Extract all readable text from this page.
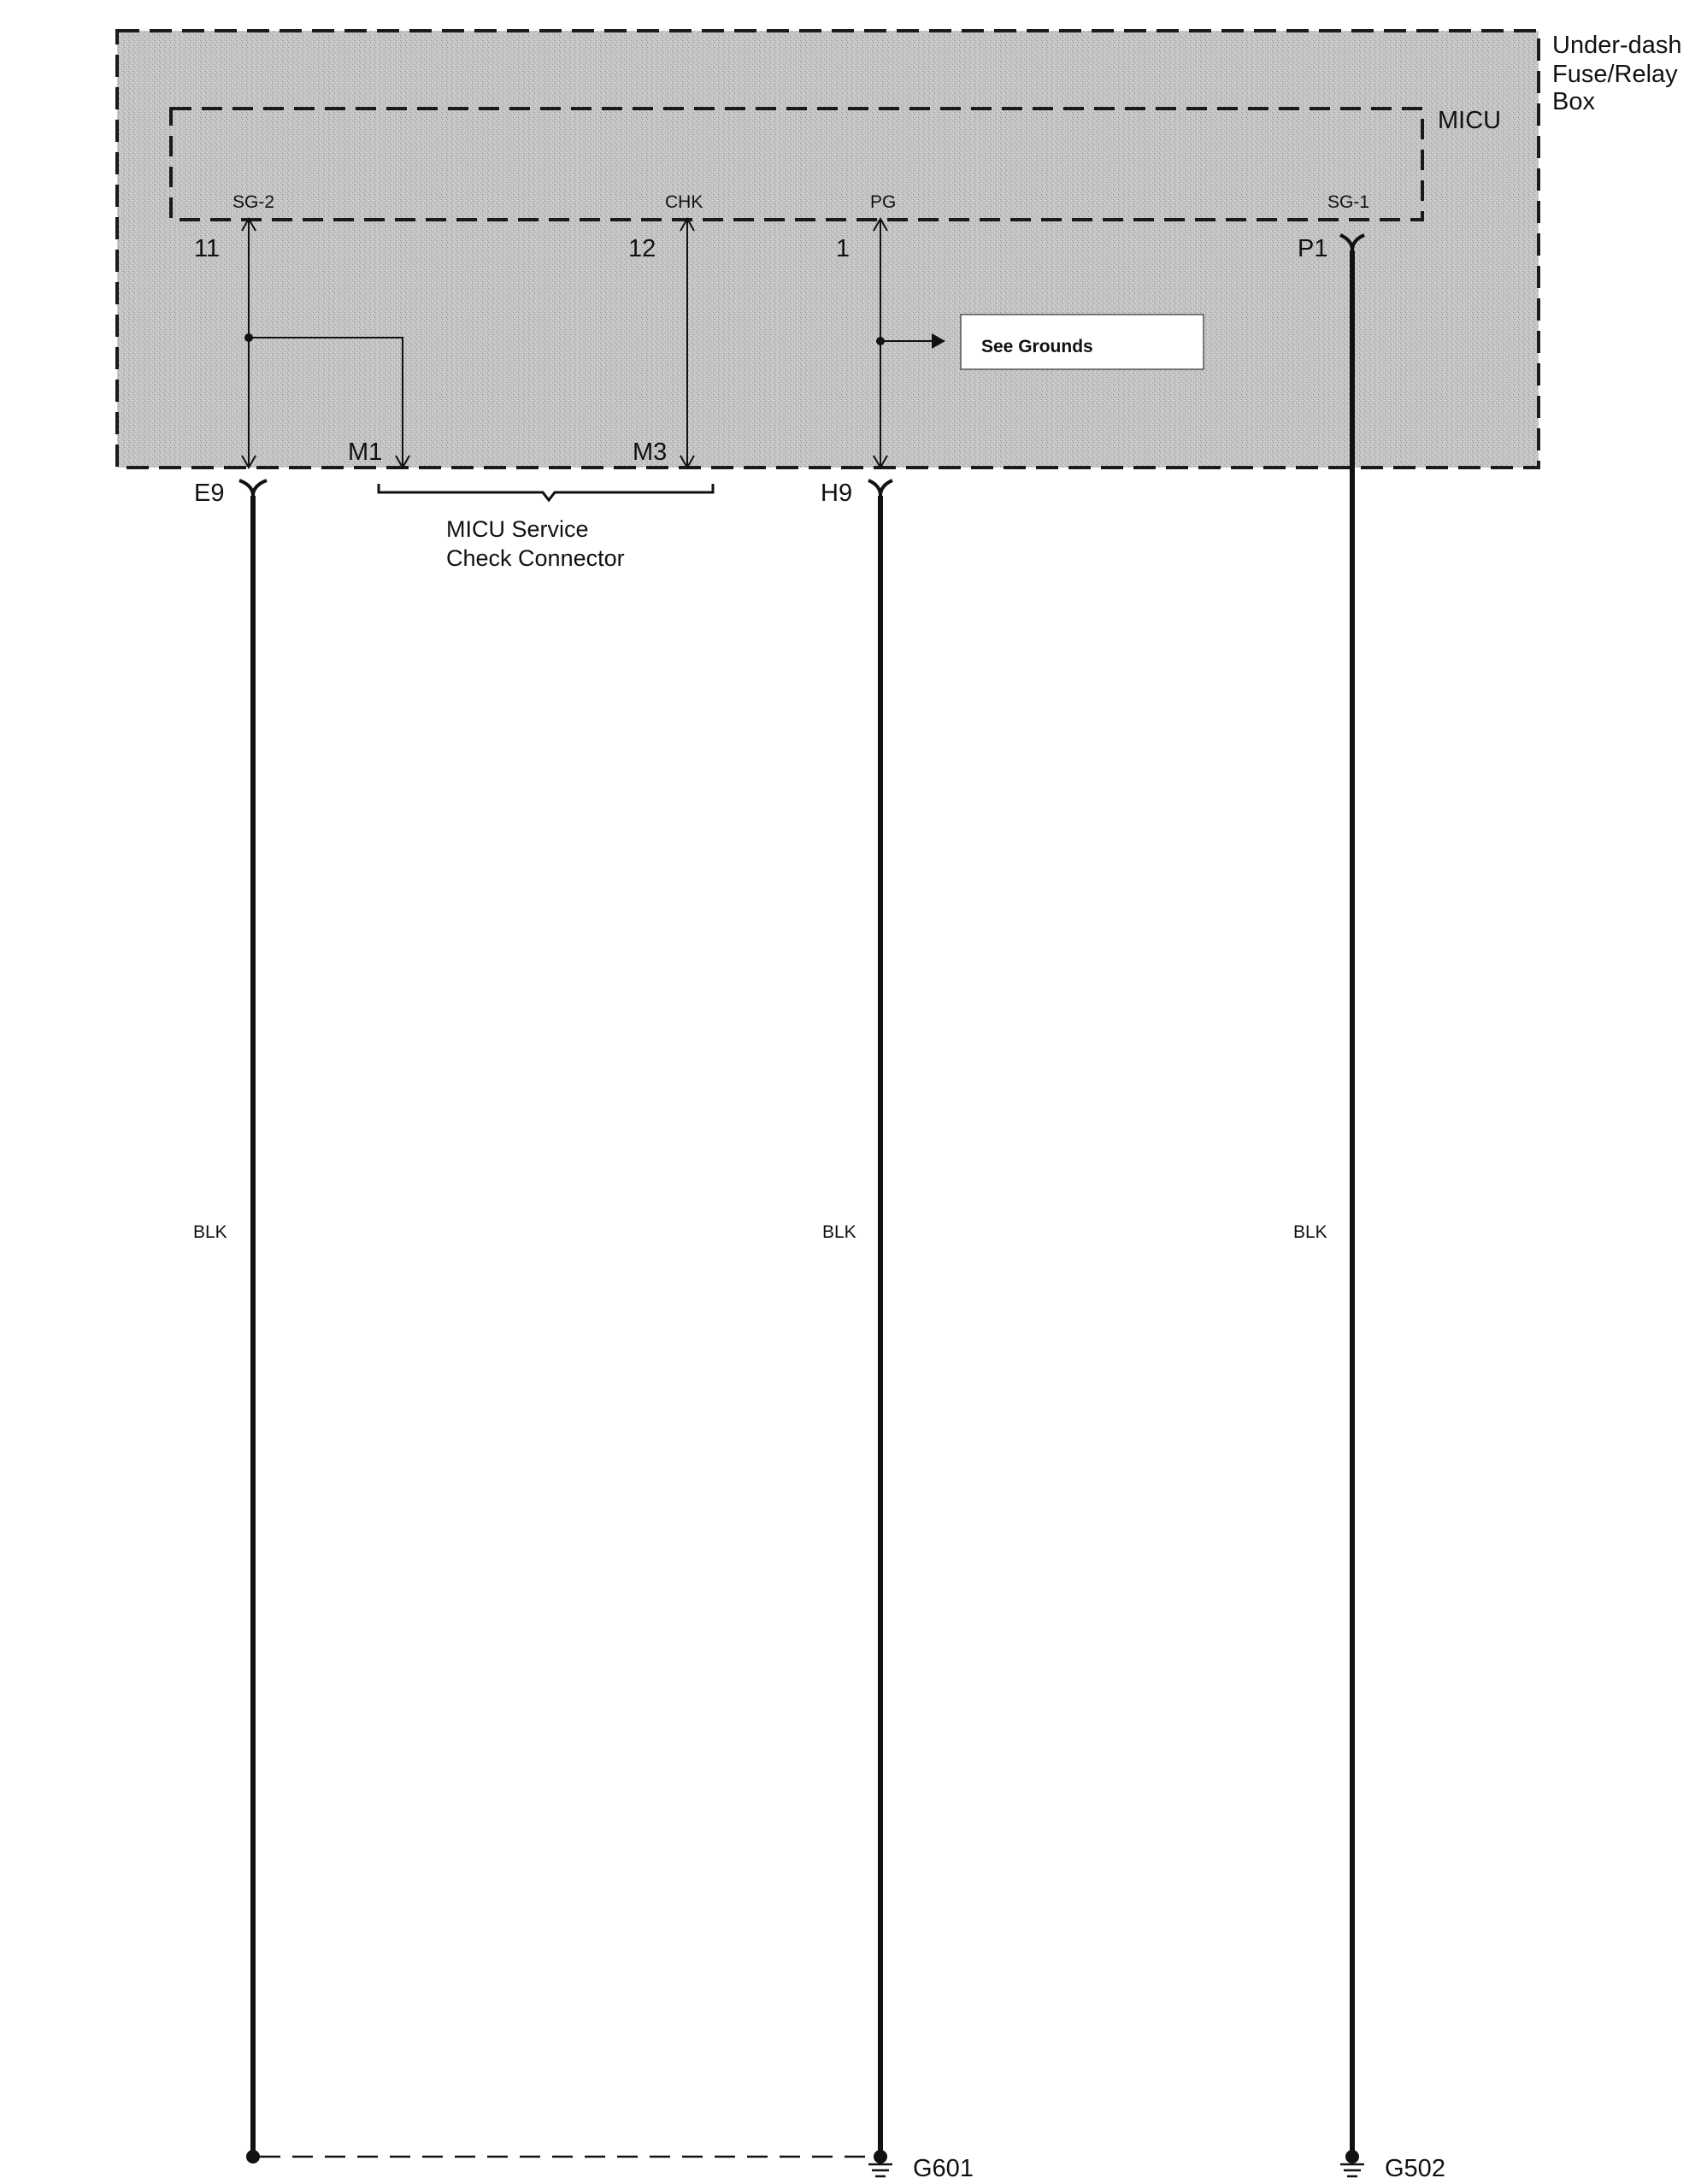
Under-dash
Fuse/Relay
Box
MICU
SG-2	CHK	PG	SG-1
11	12	1	P1
See Grounds
M1	M3
E9	H9
MICU Service
Check Connector
BLK	BLK	BLK
G601	G502
